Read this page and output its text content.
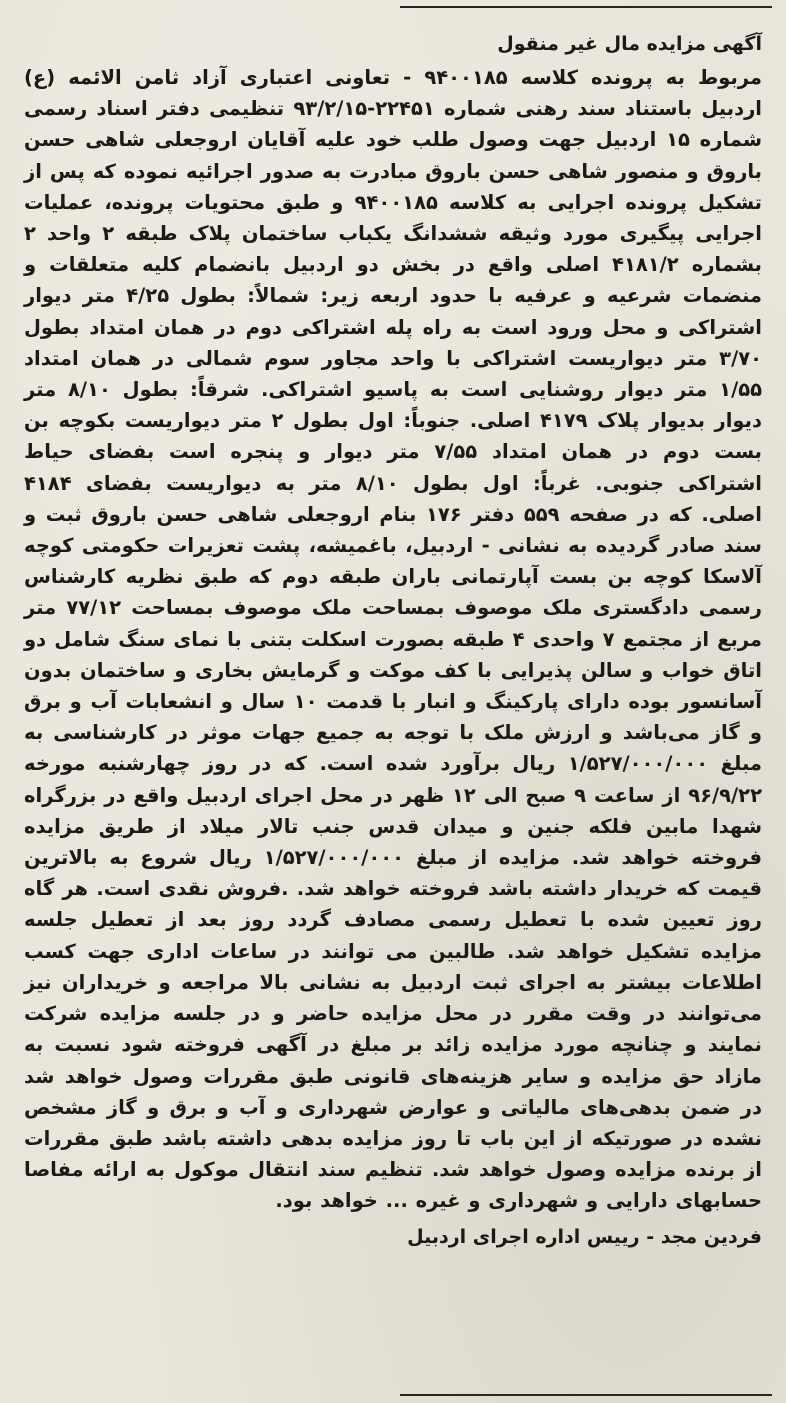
آگهی مزایده مال غیر منقول

مربوط به پرونده کلاسه ۹۴۰۰۱۸۵ - تعاونی اعتباری آزاد ثامن الائمه (ع) اردبیل باستناد سند رهنی شماره ۲۲۴۵۱-۹۳/۲/۱۵ تنظیمی دفتر اسناد رسمی شماره ۱۵ اردبیل جهت وصول طلب خود علیه آقایان اروجعلی شاهی حسن باروق و منصور شاهی حسن باروق مبادرت به صدور اجرائیه نموده که پس از تشکیل پرونده اجرایی به کلاسه ۹۴۰۰۱۸۵ و طبق محتویات پرونده، عملیات اجرایی پیگیری مورد وثیقه ششدانگ یکباب ساختمان پلاک طبقه ۲ واحد ۲ بشماره ۴۱۸۱/۲ اصلی واقع در بخش دو اردبیل بانضمام کلیه متعلقات و منضمات شرعیه و عرفیه با حدود اربعه زیر: شمالاً: بطول ۴/۲۵ متر دیوار اشتراکی و محل ورود است به راه پله اشتراکی دوم در همان امتداد بطول ۳/۷۰ متر دیواریست اشتراکی با واحد مجاور سوم شمالی در همان امتداد ۱/۵۵ متر دیوار روشنایی است به پاسیو اشتراکی. شرقاً: بطول ۸/۱۰ متر دیوار بدیوار پلاک ۴۱۷۹ اصلی. جنوباً: اول بطول ۲ متر دیواریست بکوچه بن بست دوم در همان امتداد ۷/۵۵ متر دیوار و پنجره است بفضای حیاط اشتراکی جنوبی. غرباً: اول بطول ۸/۱۰ متر به دیواریست بفضای ۴۱۸۴ اصلی. که در صفحه ۵۵۹ دفتر ۱۷۶ بنام اروجعلی شاهی حسن باروق ثبت و سند صادر گردیده به نشانی - اردبیل، باغمیشه، پشت تعزیرات حکومتی کوچه آلاسکا کوچه بن بست آپارتمانی باران طبقه دوم که طبق نظریه کارشناس رسمی دادگستری ملک موصوف بمساحت ملک موصوف بمساحت ۷۷/۱۲ متر مربع از مجتمع ۷ واحدی ۴ طبقه بصورت اسکلت بتنی با نمای سنگ شامل دو اتاق خواب و سالن پذیرایی با کف موکت و گرمایش بخاری و ساختمان بدون آسانسور بوده دارای پارکینگ و انبار با قدمت ۱۰ سال و انشعابات آب و برق و گاز می‌باشد و ارزش ملک با توجه به جمیع جهات موثر در کارشناسی به مبلغ ۱/۵۲۷/۰۰۰/۰۰۰ ریال برآورد شده است. که در روز چهارشنبه مورخه ۹۶/۹/۲۲ از ساعت ۹ صبح الی ۱۲ ظهر در محل اجرای اردبیل واقع در بزرگراه شهدا مابین فلکه جنین و میدان قدس جنب تالار میلاد از طریق مزایده فروخته خواهد شد. مزایده از مبلغ ۱/۵۲۷/۰۰۰/۰۰۰ ریال شروع به بالاترین قیمت که خریدار داشته باشد فروخته خواهد شد. .فروش نقدی است. هر گاه روز تعیین شده با تعطیل رسمی مصادف گردد روز بعد از تعطیل جلسه مزایده تشکیل خواهد شد. طالبین می توانند در ساعات اداری جهت کسب اطلاعات بیشتر به اجرای ثبت اردبیل به نشانی بالا مراجعه و خریداران نیز می‌توانند در وقت مقرر در محل مزایده حاضر و در جلسه مزایده شرکت نمایند و چنانچه مورد مزایده زائد بر مبلغ در آگهی فروخته شود نسبت به مازاد حق مزایده و سایر هزینه‌های قانونی طبق مقررات وصول خواهد شد در ضمن بدهی‌های مالیاتی و عوارض شهرداری و آب و برق و گاز مشخص نشده در صورتیکه از این باب تا روز مزایده بدهی داشته باشد طبق مقررات از برنده مزایده وصول خواهد شد. تنظیم سند انتقال موکول به ارائه مفاصا حسابهای دارایی و شهرداری و غیره ... خواهد بود.

فردین مجد - رییس اداره اجرای اردبیل
